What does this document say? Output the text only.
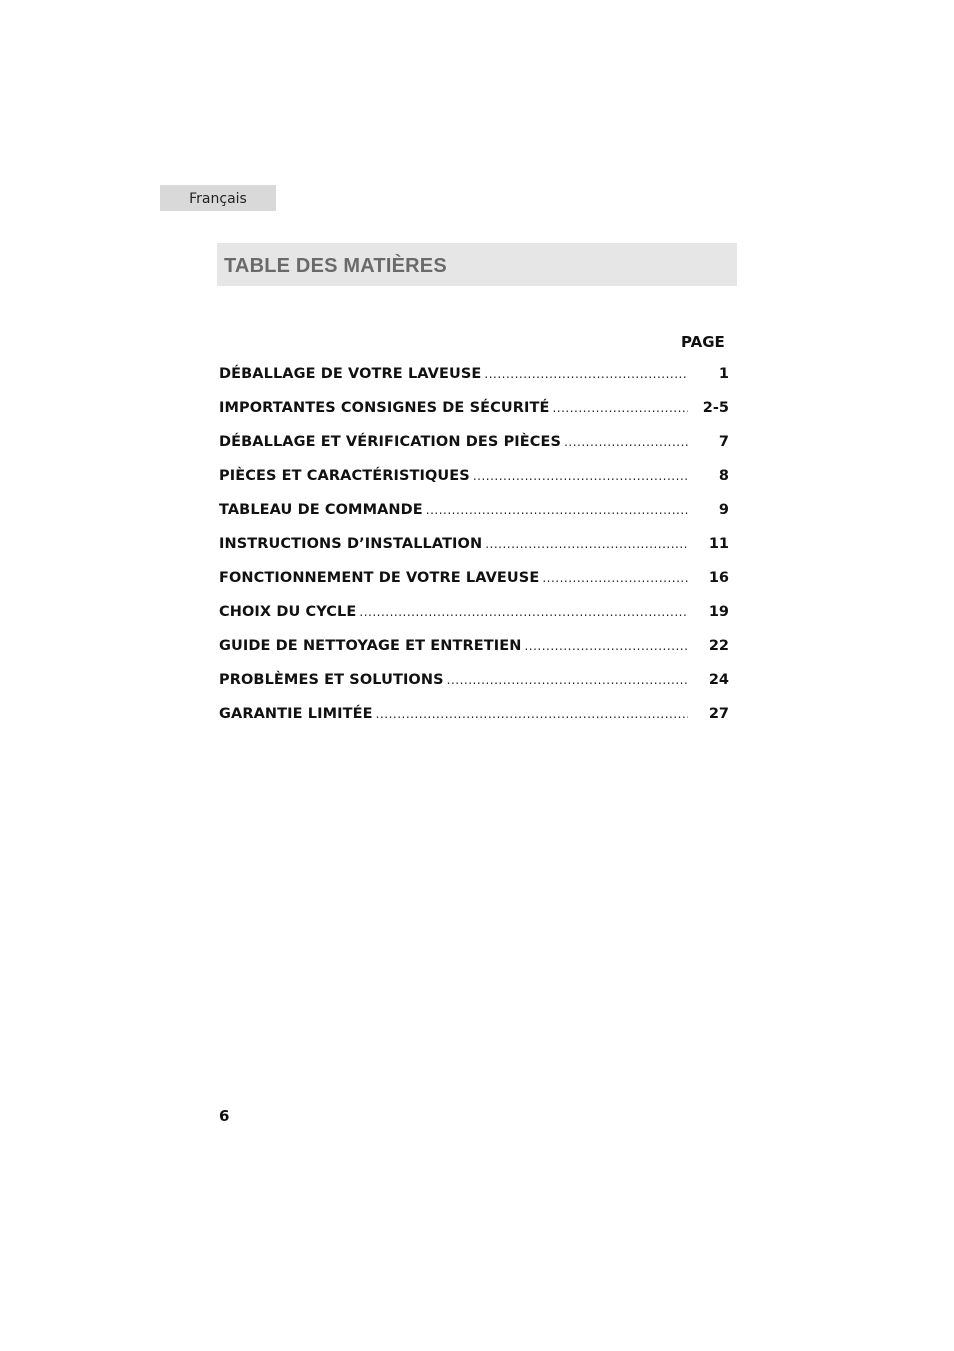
Français
TABLE DES MATIÈRES
PAGE
DÉBALLAGE DE VOTRE LAVEUSE .....	1
IMPORTANTES CONSIGNES DE SÉCURITÉ .....	2-5
DÉBALLAGE ET VÉRIFICATION DES PIÈCES .....	7
PIÈCES ET CARACTÉRISTIQUES .....	8
TABLEAU DE COMMANDE .....	9
INSTRUCTIONS D’INSTALLATION .....	11
FONCTIONNEMENT DE VOTRE LAVEUSE .....	16
CHOIX DU CYCLE .....	19
GUIDE DE NETTOYAGE ET ENTRETIEN .....	22
PROBLÈMES ET SOLUTIONS .....	24
GARANTIE LIMITÉE .....	27
6
